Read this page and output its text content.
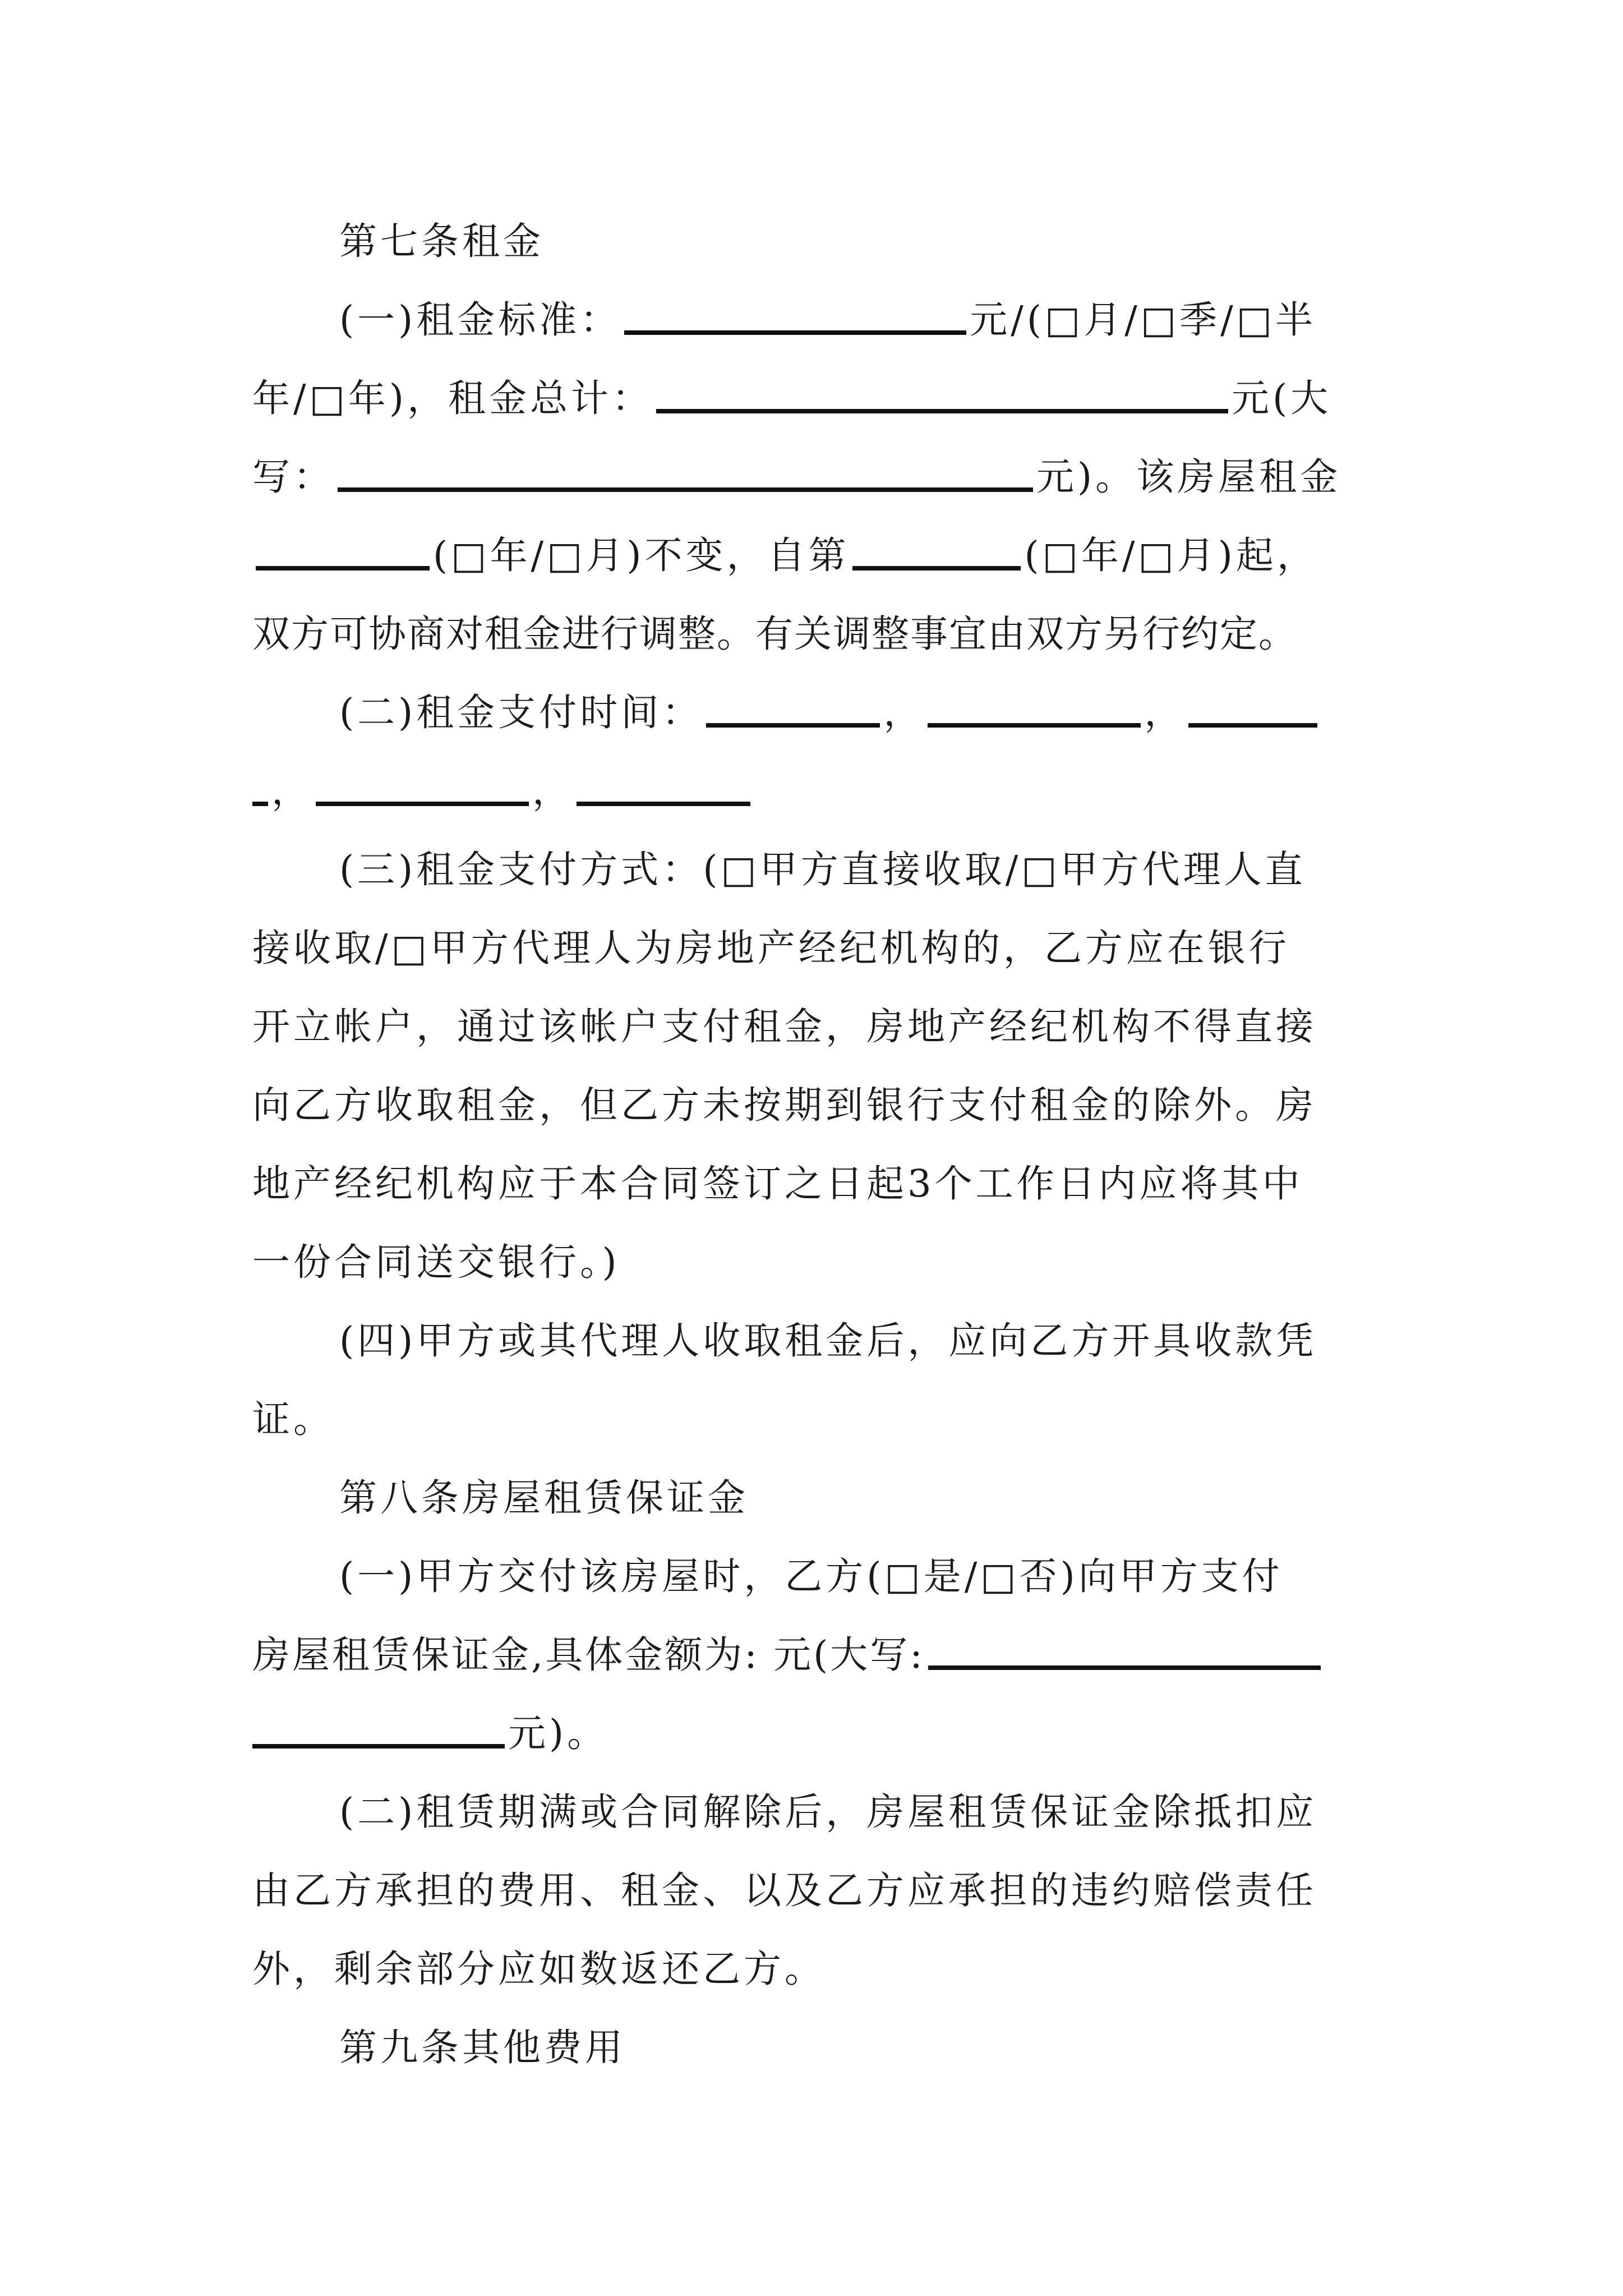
第七条租金
(一)租金标准：	元/(□月/□季/□半
年/□年)，租金总计：	元(大
写：	元)。该房屋租金
(□年/□月)不变，自第	(□年/□月)起，
双方可协商对租金进行调整。有关调整事宜由双方另行约定。
(二)租金支付时间：	，	，
，	，
(三)租金支付方式：(□甲方直接收取/□甲方代理人直
接收取/□甲方代理人为房地产经纪机构的，乙方应在银行
开立帐户，通过该帐户支付租金，房地产经纪机构不得直接
向乙方收取租金，但乙方未按期到银行支付租金的除外。房
地产经纪机构应于本合同签订之日起3个工作日内应将其中
一份合同送交银行。)
(四)甲方或其代理人收取租金后，应向乙方开具收款凭
证。
第八条房屋租赁保证金
(一)甲方交付该房屋时，乙方(□是/□否)向甲方支付
房屋租赁保证金,具体金额为: 元(大写:
元)。
(二)租赁期满或合同解除后，房屋租赁保证金除抵扣应
由乙方承担的费用、租金、以及乙方应承担的违约赔偿责任
外，剩余部分应如数返还乙方。
第九条其他费用
